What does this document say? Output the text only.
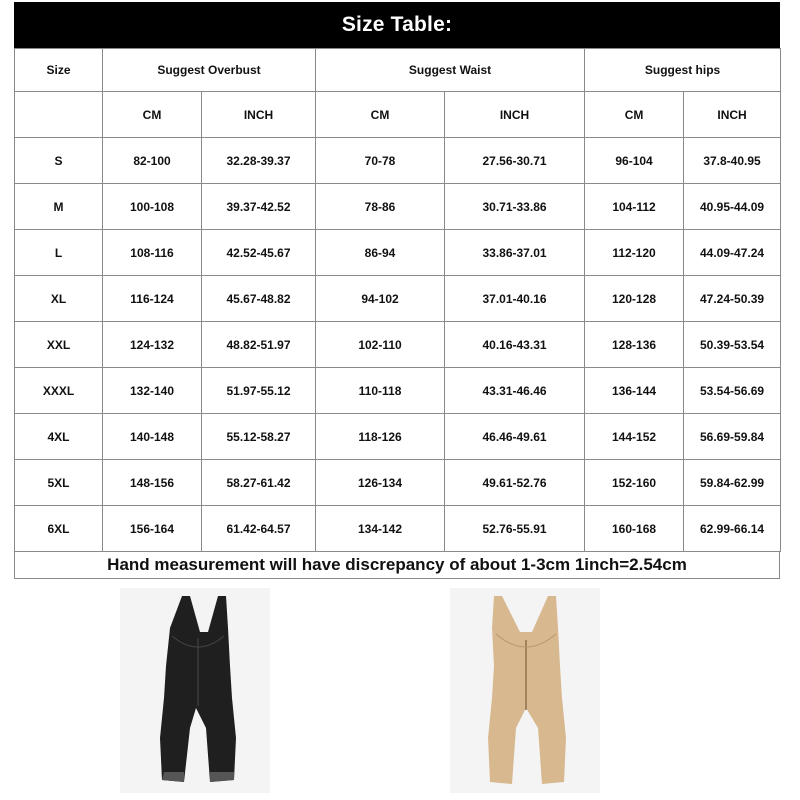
Size Table:
Size	Suggest Overbust		Suggest Waist		Suggest hips	
	CM	INCH	CM	INCH	CM	INCH
S	82-100	32.28-39.37	70-78	27.56-30.71	96-104	37.8-40.95
M	100-108	39.37-42.52	78-86	30.71-33.86	104-112	40.95-44.09
L	108-116	42.52-45.67	86-94	33.86-37.01	112-120	44.09-47.24
XL	116-124	45.67-48.82	94-102	37.01-40.16	120-128	47.24-50.39
XXL	124-132	48.82-51.97	102-110	40.16-43.31	128-136	50.39-53.54
XXXL	132-140	51.97-55.12	110-118	43.31-46.46	136-144	53.54-56.69
4XL	140-148	55.12-58.27	118-126	46.46-49.61	144-152	56.69-59.84
5XL	148-156	58.27-61.42	126-134	49.61-52.76	152-160	59.84-62.99
6XL	156-164	61.42-64.57	134-142	52.76-55.91	160-168	62.99-66.14
Hand measurement will have discrepancy of about 1-3cm 1inch=2.54cm
